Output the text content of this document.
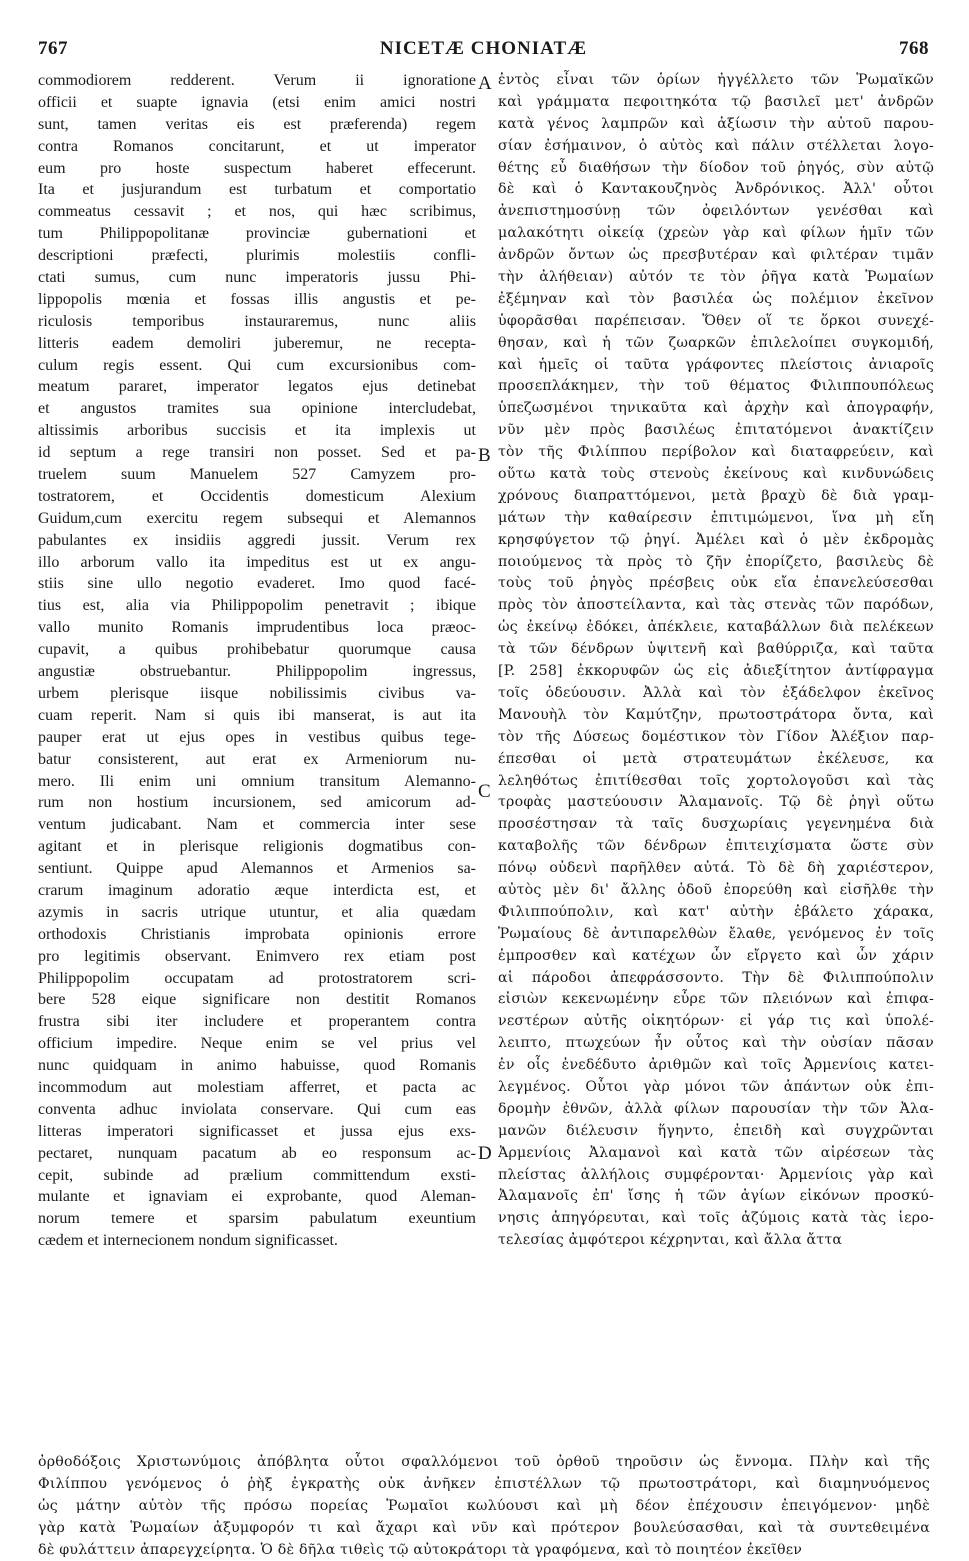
767	NICETÆ CHONIATÆ	768
commodiorem redderent. Verum ii ignoratione
officii et suapte ignavia (etsi enim amici nostri
sunt, tamen veritas eis est præferenda) regem
contra Romanos concitarunt, et ut imperator
eum pro hoste suspectum haberet effecerunt.
Ita et jusjurandum est turbatum et comportatio
commeatus cessavit ; et nos, qui hæc scribimus,
tum Philippopolitanæ provinciæ gubernationi et
descriptioni præfecti, plurimis molestiis confli-
ctati sumus, cum nunc imperatoris jussu Phi-
lippopolis mœnia et fossas illis angustis et pe-
riculosis temporibus instauraremus, nunc aliis
litteris eadem demoliri juberemur, ne recepta-
culum regis essent. Qui cum excursionibus com-
meatum pararet, imperator legatos ejus detinebat
et angustos tramites sua opinione intercludebat,
altissimis arboribus succisis et ita implexis ut
id septum a rege transiri non posset. Sed et pa-
truelem suum Manuelem 527 Camyzem pro-
tostratorem, et Occidentis domesticum Alexium
Guidum,cum exercitu regem subsequi et Alemannos
pabulantes ex insidiis aggredi jussit. Verum rex
illo arborum vallo ita impeditus est ut ex angu-
stiis sine ullo negotio evaderet. Imo quod facé-
tius est, alia via Philippopolim penetravit ; ibique
vallo munito Romanis imprudentibus loca præoc-
cupavit, a quibus prohibebatur quorumque causa
angustiæ obstruebantur. Philippopolim ingressus,
urbem plerisque iisque nobilissimis civibus va-
cuam reperit. Nam si quis ibi manserat, is aut ita
pauper erat ut ejus opes in vestibus quibus tege-
batur consisterent, aut erat ex Armeniorum nu-
mero. Ili enim uni omnium transitum Alemanno-
rum non hostium incursionem, sed amicorum ad-
ventum judicabant. Nam et commercia inter sese
agitant et in plerisque religionis dogmatibus con-
sentiunt. Quippe apud Alemannos et Armenios sa-
crarum imaginum adoratio æque interdicta est, et
azymis in sacris utrique utuntur, et alia quædam
orthodoxis Christianis improbata opinionis errore
pro legitimis observant. Enimvero rex etiam post
Philippopolim occupatam ad protostratorem scri-
bere 528 eique significare non destitit Romanos
frustra sibi iter includere et properantem contra
officium impedire. Neque enim se vel prius vel
nunc quidquam in animo habuisse, quod Romanis
incommodum aut molestiam afferret, et pacta ac
conventa adhuc inviolata conservare. Qui cum eas
litteras imperatori significasset et jussa ejus exs-
pectaret, nunquam pacatum ab eo responsum ac-
cepit, subinde ad prælium committendum exsti-
mulante et ignaviam ei exprobante, quod Aleman-
norum temere et sparsim pabulatum exeuntium
cædem et internecionem nondum significasset.
ἐντὸς εἶναι τῶν ὁρίων ἠγγέλλετο τῶν Ῥωμαϊκῶν
καὶ γράμματα πεφοιτηκότα τῷ βασιλεῖ μετ' ἀνδρῶν
κατὰ γένος λαμπρῶν καὶ ἀξίωσιν τὴν αὐτοῦ παρου-
σίαν ἐσήμαινον, ὁ αὐτὸς καὶ πάλιν στέλλεται λογο-
θέτης εὖ διαθήσων τὴν δίοδον τοῦ ῥηγός, σὺν αὐτῷ
δὲ καὶ ὁ Καντακουζηνὸς Ἀνδρόνικος. Ἀλλ' οὗτοι
ἀνεπιστημοσύνῃ τῶν ὀφειλόντων γενέσθαι καὶ
μαλακότητι οἰκείᾳ (χρεὼν γὰρ καὶ φίλων ἡμῖν τῶν
ἀνδρῶν ὄντων ὡς πρεσβυτέραν καὶ φιλτέραν τιμᾶν
τὴν ἀλήθειαν) αὐτόν τε τὸν ῥῆγα κατὰ Ῥωμαίων
ἐξέμηναν καὶ τὸν βασιλέα ὡς πολέμιον ἐκεῖνον
ὑφορᾶσθαι παρέπεισαν. Ὅθεν οἵ τε ὅρκοι συνεχέ-
θησαν, καὶ ἡ τῶν ζωαρκῶν ἐπιλελοίπει συγκομιδή,
καὶ ἡμεῖς οἱ ταῦτα γράφοντες πλείστοις ἀνιαροῖς
προσεπλάκημεν, τὴν τοῦ θέματος Φιλιππουπόλεως
ὑπεζωσμένοι τηνικαῦτα καὶ ἀρχὴν καὶ ἀπογραφήν,
νῦν μὲν πρὸς βασιλέως ἐπιτατόμενοι ἀνακτίζειν
τὸν τῆς Φιλίππου περίβολον καὶ διαταφρεύειν, καὶ
οὕτω κατὰ τοὺς στενοὺς ἐκείνους καὶ κινδυνώδεις
χρόνους διαπραττόμενοι, μετὰ βραχὺ δὲ διὰ γραμ-
μάτων τὴν καθαίρεσιν ἐπιτιμώμενοι, ἵνα μὴ εἴη
κρησφύγετον τῷ ῥηγί. Ἀμέλει καὶ ὁ μὲν ἐκδρομὰς
ποιούμενος τὰ πρὸς τὸ ζῆν ἐπορίζετο, βασιλεὺς δὲ
τοὺς τοῦ ῥηγὸς πρέσβεις οὐκ εἴα ἐπανελεύσεσθαι
πρὸς τὸν ἀποστείλαντα, καὶ τὰς στενὰς τῶν παρόδων,
ὡς ἐκείνῳ ἐδόκει, ἀπέκλειε, καταβάλλων διὰ πελέκεων
τὰ τῶν δένδρων ὑψιτενῆ καὶ βαθύρριζα, καὶ ταῦτα
[P. 258] ἐκκορυφῶν ὡς εἰς ἀδιεξίτητον ἀντίφραγμα
τοῖς ὁδεύουσιν. Ἀλλὰ καὶ τὸν ἐξάδελφον ἐκεῖνος
Μανουὴλ τὸν Καμύτζην, πρωτοστράτορα ὄντα, καὶ
τὸν τῆς Δύσεως δομέστικον τὸν Γίδον Ἀλέξιον παρ-
έπεσθαι οἱ μετὰ στρατευμάτων ἐκέλευσε, κα
λεληθότως ἐπιτίθεσθαι τοῖς χορτολογοῦσι καὶ τὰς
τροφὰς μαστεύουσιν Ἀλαμανοῖς. Τῷ δὲ ῥηγὶ οὕτω
προσέστησαν τὰ ταῖς δυσχωρίαις γεγενημένα διὰ
καταβολῆς τῶν δένδρων ἐπιτειχίσματα ὥστε σὺν
πόνῳ οὐδενὶ παρῆλθεν αὐτά. Τὸ δὲ δὴ χαριέστερον,
αὐτὸς μὲν δι' ἄλλης ὁδοῦ ἐπορεύθη καὶ εἰσῆλθε τὴν
Φιλιππούπολιν, καὶ κατ' αὐτὴν ἐβάλετο χάρακα,
Ῥωμαίους δὲ ἀντιπαρελθὼν ἔλαθε, γενόμενος ἐν τοῖς
ἐμπροσθεν καὶ κατέχων ὧν εἴργετο καὶ ὧν χάριν
αἱ πάροδοι ἀπεφράσσοντο. Τὴν δὲ Φιλιππούπολιν
εἰσιὼν κεκενωμένην εὗρε τῶν πλειόνων καὶ ἐπιφα-
νεστέρων αὐτῆς οἰκητόρων· εἰ γάρ τις καὶ ὑπολέ-
λειπτο, πτωχεύων ἦν οὗτος καὶ τὴν οὐσίαν πᾶσαν
ἐν οἷς ἐνεδέδυτο ἀριθμῶν καὶ τοῖς Ἀρμενίοις κατει-
λεγμένος. Οὗτοι γὰρ μόνοι τῶν ἁπάντων οὐκ ἐπι-
δρομὴν ἐθνῶν, ἀλλὰ φίλων παρουσίαν τὴν τῶν Ἀλα-
μανῶν διέλευσιν ἥγηντο, ἐπειδὴ καὶ συγχρῶνται
Ἀρμενίοις Ἀλαμανοὶ καὶ κατὰ τῶν αἱρέσεων τὰς
πλείστας ἀλλήλοις συμφέρονται· Ἀρμενίοις γὰρ καὶ
Ἀλαμανοῖς ἐπ' ἴσης ἡ τῶν ἁγίων εἰκόνων προσκύ-
νησις ἀπηγόρευται, καὶ τοῖς ἀζύμοις κατὰ τὰς ἱερο-
τελεσίας ἀμφότεροι κέχρηνται, καὶ ἄλλα ἄττα
A
B
C
D
ὀρθοδόξοις Χριστωνύμοις ἀπόβλητα οὗτοι σφαλλόμενοι τοῦ ὀρθοῦ τηροῦσιν ὡς ἔννομα. Πλὴν καὶ τῆς
Φιλίππου γενόμενος ὁ ῥὴξ ἐγκρατὴς οὐκ ἀνῆκεν ἐπιστέλλων τῷ πρωτοστράτορι, καὶ διαμηνυόμενος
ὡς μάτην αὐτὸν τῆς πρόσω πορείας Ῥωμαῖοι κωλύουσι καὶ μὴ δέον ἐπέχουσιν ἐπειγόμενον· μηδὲ
γὰρ κατὰ Ῥωμαίων ἀξυμφορόν τι καὶ ἄχαρι καὶ νῦν καὶ πρότερον βουλεύσασθαι, καὶ τὰ συντεθειμένα
δὲ φυλάττειν ἀπαρεγχείρητα. Ὁ δὲ δῆλα τιθεὶς τῷ αὐτοκράτορι τὰ γραφόμενα, καὶ τὸ ποιητέον ἐκεῖθεν
